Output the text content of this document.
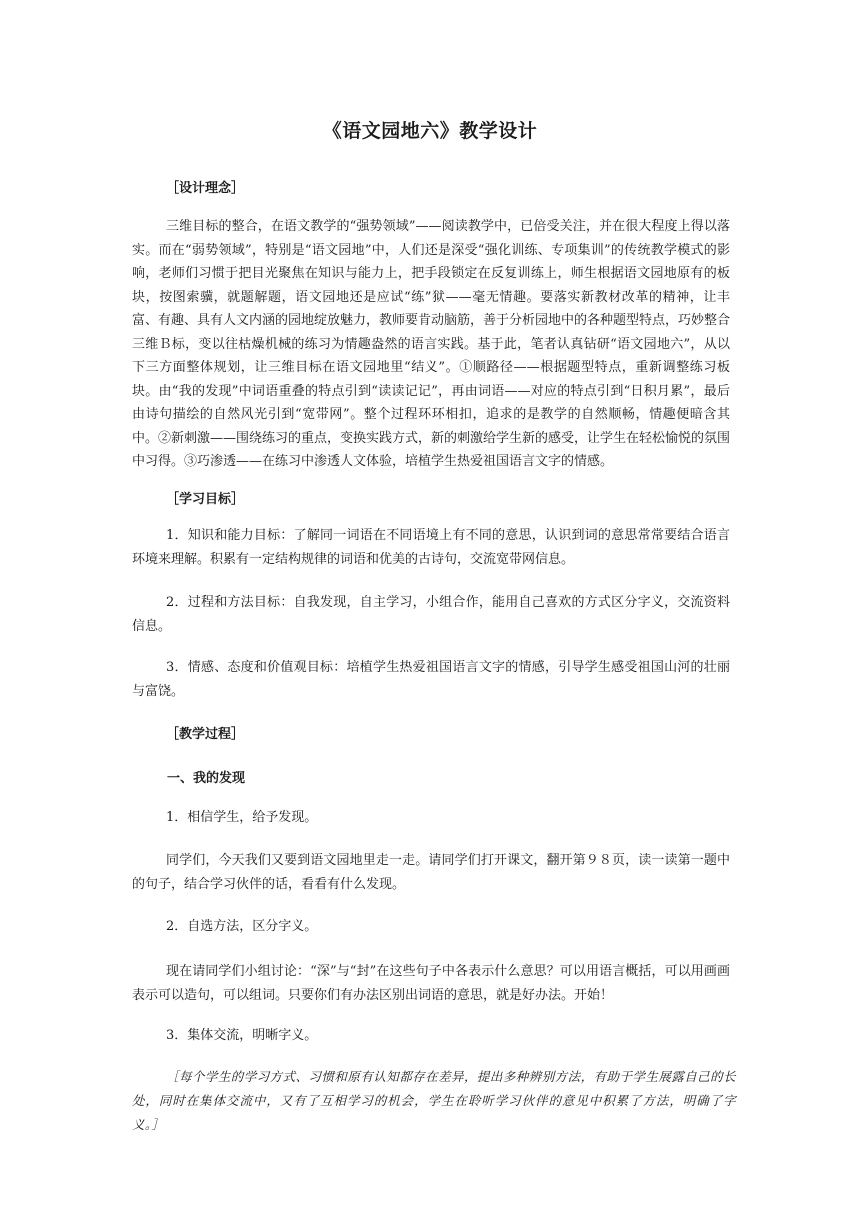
《语文园地六》教学设计
［设计理念］
三维目标的整合，在语文教学的“强势领域”——阅读教学中，已倍受关注，并在很大程度上得以落实。而在“弱势领域”，特别是“语文园地”中，人们还是深受“强化训练、专项集训”的传统教学模式的影响，老师们习惯于把目光聚焦在知识与能力上，把手段锁定在反复训练上，师生根据语文园地原有的板块，按图索骥，就题解题，语文园地还是应试“练”狱——毫无情趣。要落实新教材改革的精神，让丰富、有趣、具有人文内涵的园地绽放魅力，教师要肯动脑筋，善于分析园地中的各种题型特点，巧妙整合三维Ｂ标，变以往枯燥机械的练习为情趣盎然的语言实践。基于此，笔者认真钻研“语文园地六”，从以下三方面整体规划，让三维目标在语文园地里“结义”。①顺路径——根据题型特点，重新调整练习板块。由“我的发现”中词语重叠的特点引到“读读记记”，再由词语——对应的特点引到“日积月累”，最后由诗句描绘的自然风光引到“宽带网”。整个过程环环相扣，追求的是教学的自然顺畅，情趣便暗含其中。②新刺激——围绕练习的重点，变换实践方式，新的刺激给学生新的感受，让学生在轻松愉悦的氛围中习得。③巧渗透——在练习中渗透人文体验，培植学生热爱祖国语言文字的情感。
［学习目标］
1．知识和能力目标：了解同一词语在不同语境上有不同的意思，认识到词的意思常常要结合语言环境来理解。积累有一定结构规律的词语和优美的古诗句，交流宽带网信息。
2．过程和方法目标：自我发现，自主学习，小组合作，能用自己喜欢的方式区分字义，交流资料信息。
3．情感、态度和价值观目标：培植学生热爱祖国语言文字的情感，引导学生感受祖国山河的壮丽与富饶。
［教学过程］
一、我的发现
1．相信学生，给予发现。
同学们，今天我们又要到语文园地里走一走。请同学们打开课文，翻开第９８页，读一读第一题中的句子，结合学习伙伴的话，看看有什么发现。
2．自选方法，区分字义。
现在请同学们小组讨论：“深”与“封”在这些句子中各表示什么意思？可以用语言概括，可以用画画表示可以造句，可以组词。只要你们有办法区别出词语的意思，就是好办法。开始！
3．集体交流，明晰字义。
［每个学生的学习方式、习惯和原有认知都存在差异，提出多种辨别方法，有助于学生展露自己的长处，同时在集体交流中，又有了互相学习的机会，学生在聆听学习伙伴的意见中积累了方法，明确了字义。］
